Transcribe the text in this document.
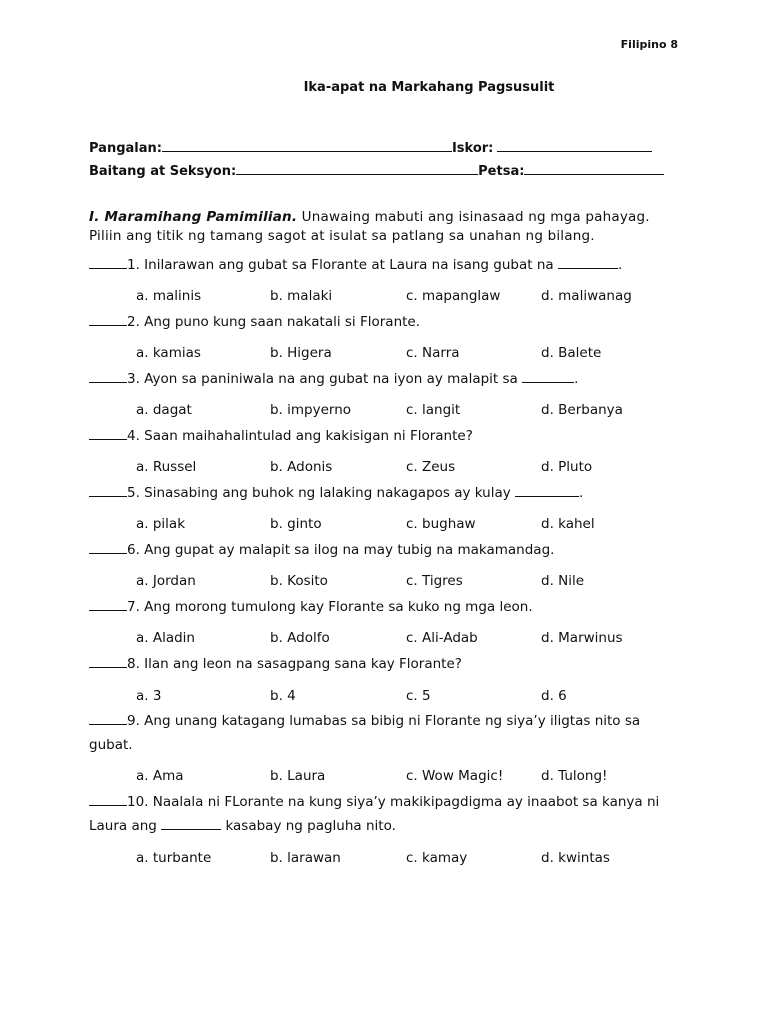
Filipino 8
Ika-apat na Markahang Pagsusulit
Pangalan:	Iskor:
Baitang at Seksyon:	Petsa:
I. Maramihang Pamimilian. Unawaing mabuti ang isinasaad ng mga pahayag. Piliin ang titik ng tamang sagot at isulat sa patlang sa unahan ng bilang.
1. Inilarawan ang gubat sa Florante at Laura na isang gubat na	.
a. malinis	b. malaki	c. mapanglaw	d. maliwanag
2. Ang puno kung saan nakatali si Florante.
a. kamias	b. Higera	c. Narra	d. Balete
3. Ayon sa paniniwala na ang gubat na iyon ay malapit sa	.
a. dagat	b. impyerno	c. langit	d. Berbanya
4. Saan maihahalintulad ang kakisigan ni Florante?
a. Russel	b. Adonis	c. Zeus	d. Pluto
5. Sinasabing ang buhok ng lalaking nakagapos ay kulay	.
a. pilak	b. ginto	c. bughaw	d. kahel
6. Ang gupat ay malapit sa ilog na may tubig na makamandag.
a. Jordan	b. Kosito	c. Tigres	d. Nile
7. Ang morong tumulong kay Florante sa kuko ng mga leon.
a. Aladin	b. Adolfo	c. Ali-Adab	d. Marwinus
8. Ilan ang leon na sasagpang sana kay Florante?
a. 3	b. 4	c. 5	d. 6
9. Ang unang katagang lumabas sa bibig ni Florante ng siya’y iligtas nito sa gubat.
a. Ama	b. Laura	c. Wow Magic!	d. Tulong!
10. Naalala ni FLorante na kung siya’y makikipagdigma ay inaabot sa kanya ni Laura ang	kasabay ng pagluha nito.
a. turbante	b. larawan	c. kamay	d. kwintas
